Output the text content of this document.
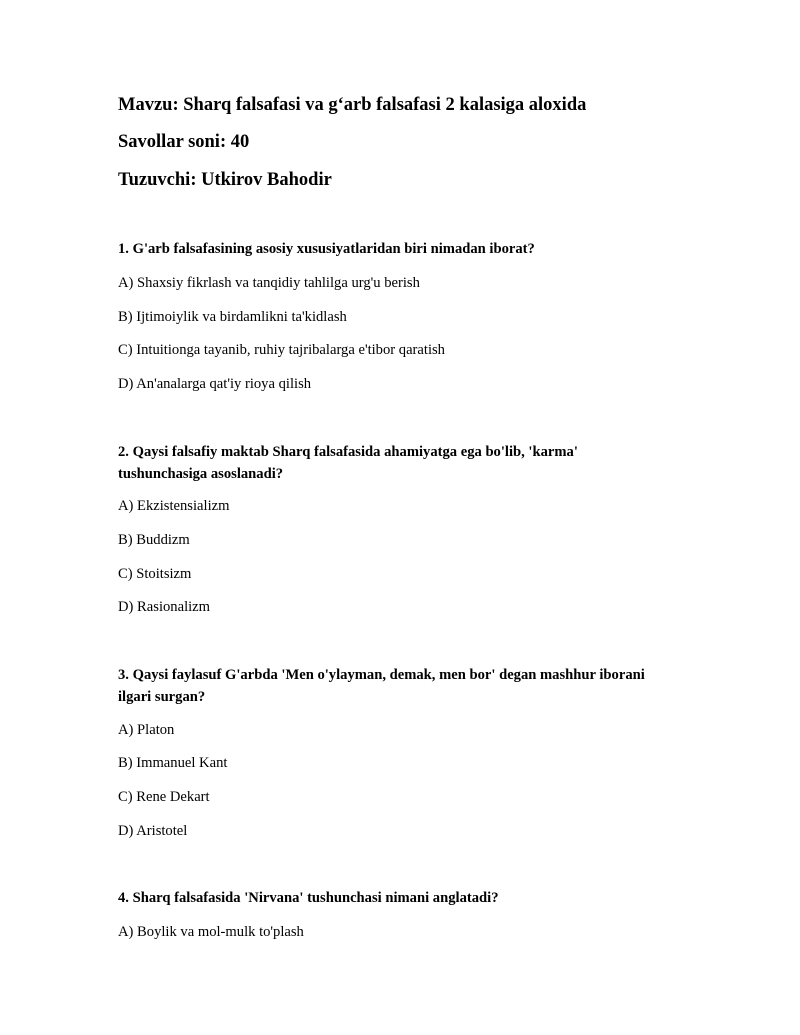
Mavzu: Sharq falsafasi va g‘arb falsafasi 2 kalasiga aloxida
Savollar soni: 40
Tuzuvchi: Utkirov Bahodir
1. G'arb falsafasining asosiy xususiyatlaridan biri nimadan iborat?
A) Shaxsiy fikrlash va tanqidiy tahlilga urg'u berish
B) Ijtimoiylik va birdamlikni ta'kidlash
C) Intuitionga tayanib, ruhiy tajribalarga e'tibor qaratish
D) An'analarga qat'iy rioya qilish
2. Qaysi falsafiy maktab Sharq falsafasida ahamiyatga ega bo'lib, 'karma' tushunchasiga asoslanadi?
A) Ekzistensializm
B) Buddizm
C) Stoitsizm
D) Rasionalizm
3. Qaysi faylasuf G'arbda 'Men o'ylayman, demak, men bor' degan mashhur iborani ilgari surgan?
A) Platon
B) Immanuel Kant
C) Rene Dekart
D) Aristotel
4. Sharq falsafasida 'Nirvana' tushunchasi nimani anglatadi?
A) Boylik va mol-mulk to'plash
